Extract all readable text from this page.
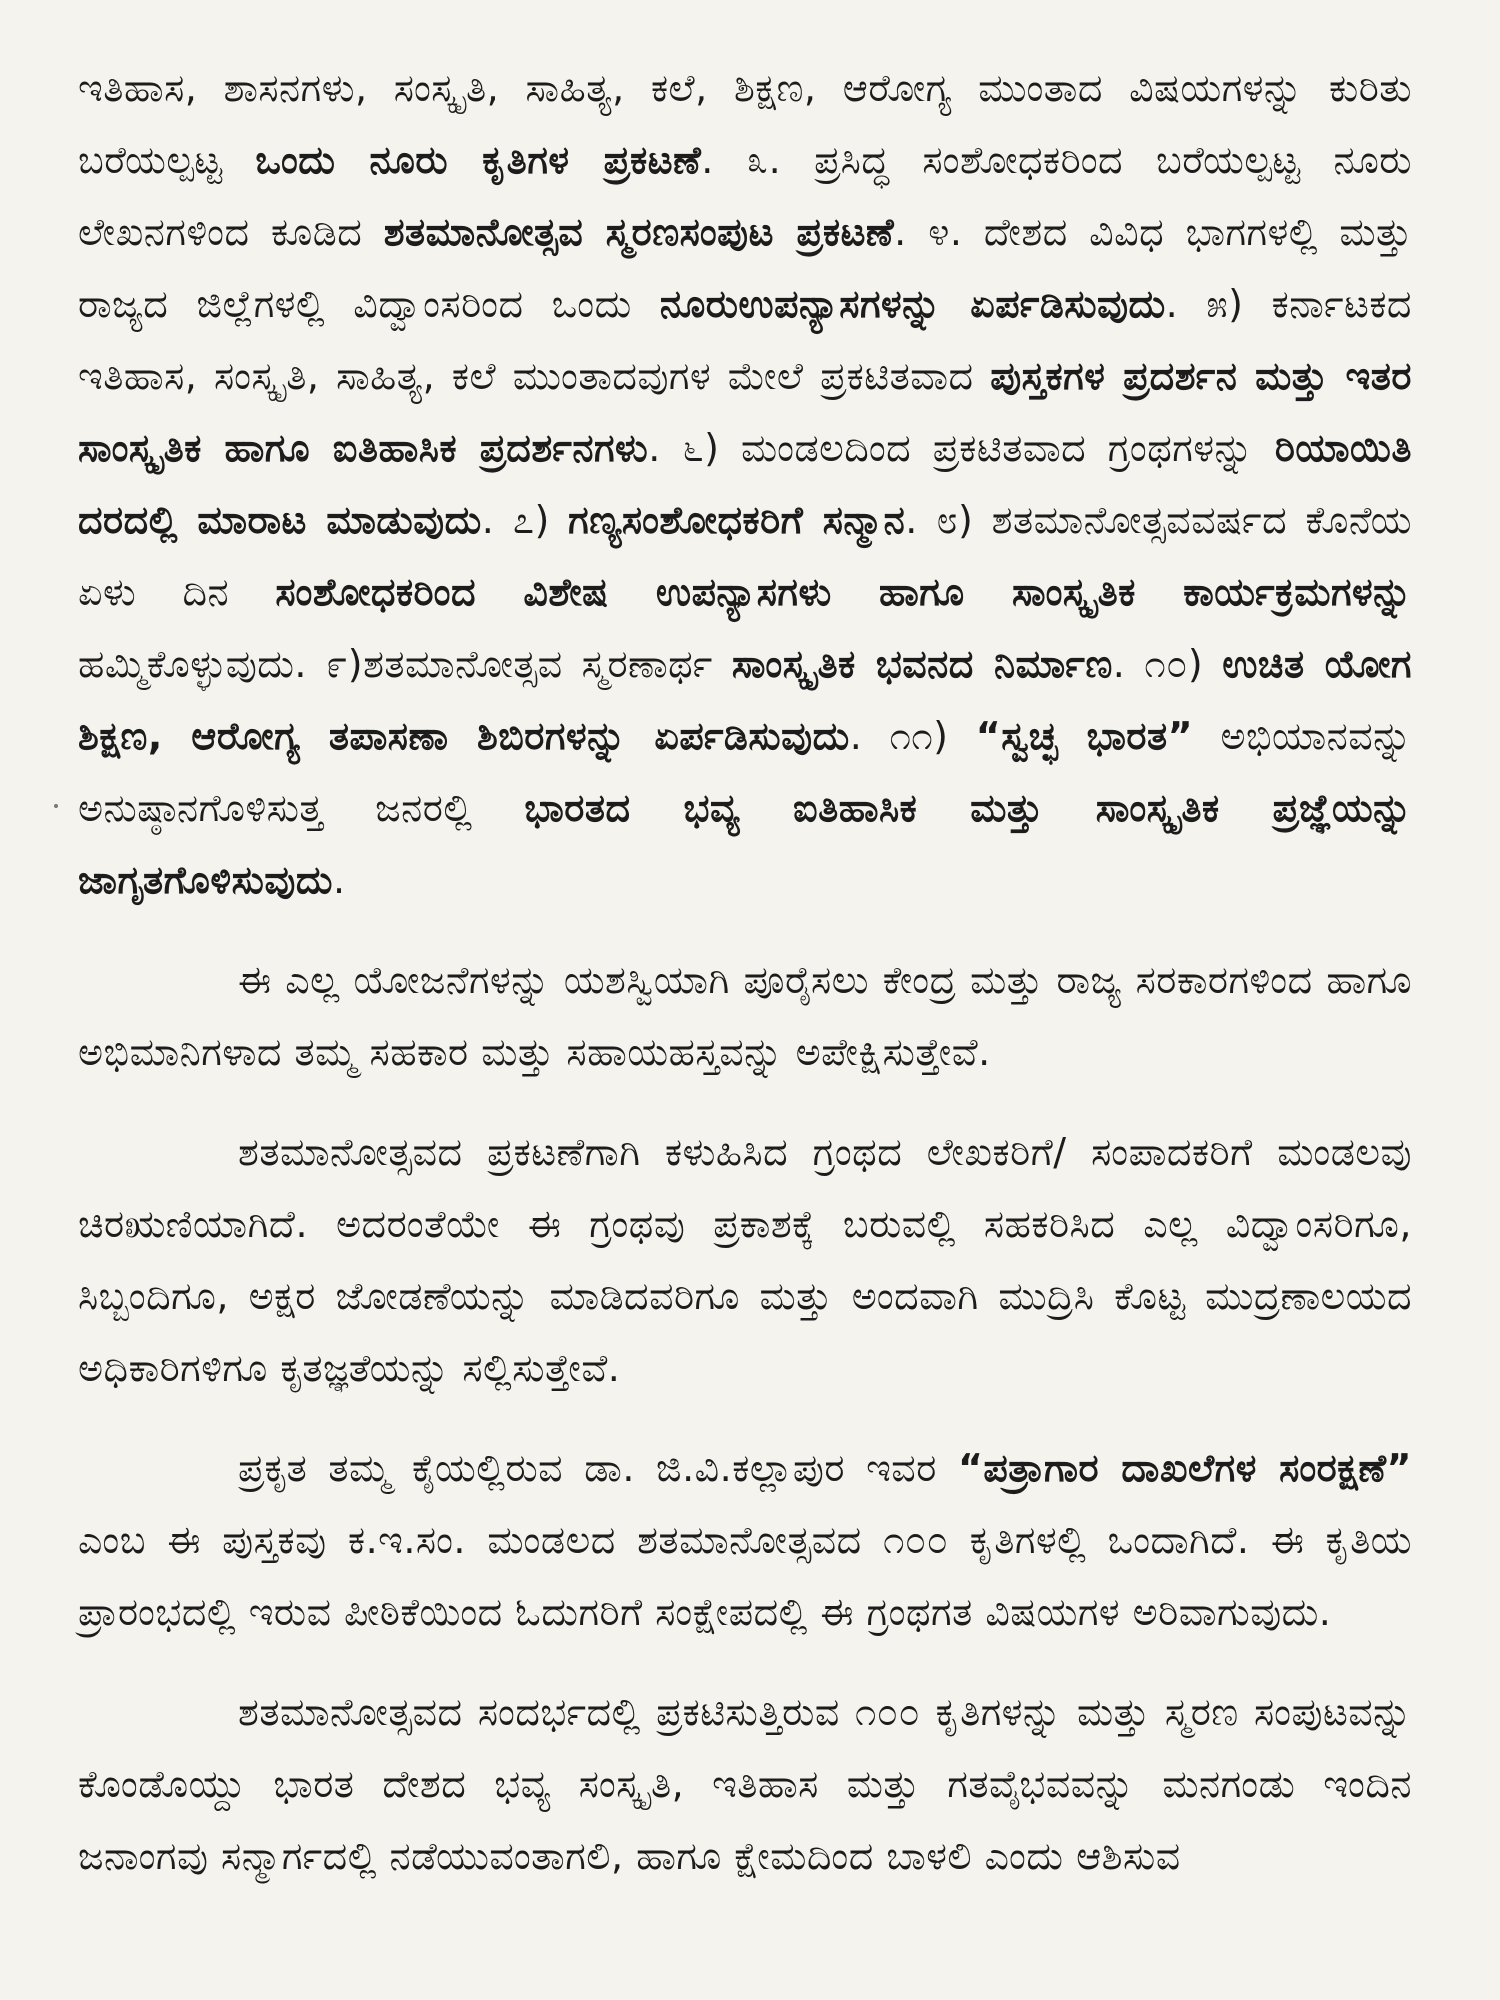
ಇತಿಹಾಸ, ಶಾಸನಗಳು, ಸಂಸ್ಕೃತಿ, ಸಾಹಿತ್ಯ, ಕಲೆ, ಶಿಕ್ಷಣ, ಆರೋಗ್ಯ ಮುಂತಾದ ವಿಷಯಗಳನ್ನು ಕುರಿತು ಬರೆಯಲ್ಪಟ್ಟ ಒಂದು ನೂರು ಕೃತಿಗಳ ಪ್ರಕಟಣೆ. ೩. ಪ್ರಸಿದ್ಧ ಸಂಶೋಧಕರಿಂದ ಬರೆಯಲ್ಪಟ್ಟ ನೂರು ಲೇಖನಗಳಿಂದ ಕೂಡಿದ ಶತಮಾನೋತ್ಸವ ಸ್ಮರಣಸಂಪುಟ ಪ್ರಕಟಣೆ. ೪. ದೇಶದ ವಿವಿಧ ಭಾಗಗಳಲ್ಲಿ ಮತ್ತು ರಾಜ್ಯದ ಜಿಲ್ಲೆಗಳಲ್ಲಿ ವಿದ್ವಾಂಸರಿಂದ ಒಂದು ನೂರುಉಪನ್ಯಾಸಗಳನ್ನು ಏರ್ಪಡಿಸುವುದು. ೫) ಕರ್ನಾಟಕದ ಇತಿಹಾಸ, ಸಂಸ್ಕೃತಿ, ಸಾಹಿತ್ಯ, ಕಲೆ ಮುಂತಾದವುಗಳ ಮೇಲೆ ಪ್ರಕಟಿತವಾದ ಪುಸ್ತಕಗಳ ಪ್ರದರ್ಶನ ಮತ್ತು ಇತರ ಸಾಂಸ್ಕೃತಿಕ ಹಾಗೂ ಐತಿಹಾಸಿಕ ಪ್ರದರ್ಶನಗಳು. ೬) ಮಂಡಲದಿಂದ ಪ್ರಕಟಿತವಾದ ಗ್ರಂಥಗಳನ್ನು ರಿಯಾಯಿತಿ ದರದಲ್ಲಿ ಮಾರಾಟ ಮಾಡುವುದು. ೭) ಗಣ್ಯಸಂಶೋಧಕರಿಗೆ ಸನ್ಮಾನ. ೮) ಶತಮಾನೋತ್ಸವವರ್ಷದ ಕೊನೆಯ ಏಳು ದಿನ ಸಂಶೋಧಕರಿಂದ ವಿಶೇಷ ಉಪನ್ಯಾಸಗಳು ಹಾಗೂ ಸಾಂಸ್ಕೃತಿಕ ಕಾರ್ಯಕ್ರಮಗಳನ್ನು ಹಮ್ಮಿಕೊಳ್ಳುವುದು. ೯)ಶತಮಾನೋತ್ಸವ ಸ್ಮರಣಾರ್ಥ ಸಾಂಸ್ಕೃತಿಕ ಭವನದ ನಿರ್ಮಾಣ. ೧೦) ಉಚಿತ ಯೋಗ ಶಿಕ್ಷಣ, ಆರೋಗ್ಯ ತಪಾಸಣಾ ಶಿಬಿರಗಳನ್ನು ಏರ್ಪಡಿಸುವುದು. ೧೧) “ಸ್ವಚ್ಛ ಭಾರತ” ಅಭಿಯಾನವನ್ನು ಅನುಷ್ಠಾನಗೊಳಿಸುತ್ತ ಜನರಲ್ಲಿ ಭಾರತದ ಭವ್ಯ ಐತಿಹಾಸಿಕ ಮತ್ತು ಸಾಂಸ್ಕೃತಿಕ ಪ್ರಜ್ಞೆಯನ್ನು ಜಾಗೃತಗೊಳಿಸುವುದು.

ಈ ಎಲ್ಲ ಯೋಜನೆಗಳನ್ನು ಯಶಸ್ವಿಯಾಗಿ ಪೂರೈಸಲು ಕೇಂದ್ರ ಮತ್ತು ರಾಜ್ಯ ಸರಕಾರಗಳಿಂದ ಹಾಗೂ ಅಭಿಮಾನಿಗಳಾದ ತಮ್ಮ ಸಹಕಾರ ಮತ್ತು ಸಹಾಯಹಸ್ತವನ್ನು ಅಪೇಕ್ಷಿಸುತ್ತೇವೆ.

ಶತಮಾನೋತ್ಸವದ ಪ್ರಕಟಣೆಗಾಗಿ ಕಳುಹಿಸಿದ ಗ್ರಂಥದ ಲೇಖಕರಿಗೆ/ ಸಂಪಾದಕರಿಗೆ ಮಂಡಲವು ಚಿರಋಣಿಯಾಗಿದೆ. ಅದರಂತೆಯೇ ಈ ಗ್ರಂಥವು ಪ್ರಕಾಶಕ್ಕೆ ಬರುವಲ್ಲಿ ಸಹಕರಿಸಿದ ಎಲ್ಲ ವಿದ್ವಾಂಸರಿಗೂ, ಸಿಬ್ಬಂದಿಗೂ, ಅಕ್ಷರ ಜೋಡಣೆಯನ್ನು ಮಾಡಿದವರಿಗೂ ಮತ್ತು ಅಂದವಾಗಿ ಮುದ್ರಿಸಿ ಕೊಟ್ಟ ಮುದ್ರಣಾಲಯದ ಅಧಿಕಾರಿಗಳಿಗೂ ಕೃತಜ್ಞತೆಯನ್ನು ಸಲ್ಲಿಸುತ್ತೇವೆ.

ಪ್ರಕೃತ ತಮ್ಮ ಕೈಯಲ್ಲಿರುವ ಡಾ. ಜಿ.ವಿ.ಕಲ್ಲಾಪುರ ಇವರ “ಪತ್ರಾಗಾರ ದಾಖಲೆಗಳ ಸಂರಕ್ಷಣೆ” ಎಂಬ ಈ ಪುಸ್ತಕವು ಕ.ಇ.ಸಂ. ಮಂಡಲದ ಶತಮಾನೋತ್ಸವದ ೧೦೦ ಕೃತಿಗಳಲ್ಲಿ ಒಂದಾಗಿದೆ. ಈ ಕೃತಿಯ ಪ್ರಾರಂಭದಲ್ಲಿ ಇರುವ ಪೀಠಿಕೆಯಿಂದ ಓದುಗರಿಗೆ ಸಂಕ್ಷೇಪದಲ್ಲಿ ಈ ಗ್ರಂಥಗತ ವಿಷಯಗಳ ಅರಿವಾಗುವುದು.

ಶತಮಾನೋತ್ಸವದ ಸಂದರ್ಭದಲ್ಲಿ ಪ್ರಕಟಿಸುತ್ತಿರುವ ೧೦೦ ಕೃತಿಗಳನ್ನು ಮತ್ತು ಸ್ಮರಣ ಸಂಪುಟವನ್ನು ಕೊಂಡೊಯ್ದು ಭಾರತ ದೇಶದ ಭವ್ಯ ಸಂಸ್ಕೃತಿ, ಇತಿಹಾಸ ಮತ್ತು ಗತವೈಭವವನ್ನು ಮನಗಂಡು ಇಂದಿನ ಜನಾಂಗವು ಸನ್ಮಾರ್ಗದಲ್ಲಿ ನಡೆಯುವಂತಾಗಲಿ, ಹಾಗೂ ಕ್ಷೇಮದಿಂದ ಬಾಳಲಿ ಎಂದು ಆಶಿಸುವ
